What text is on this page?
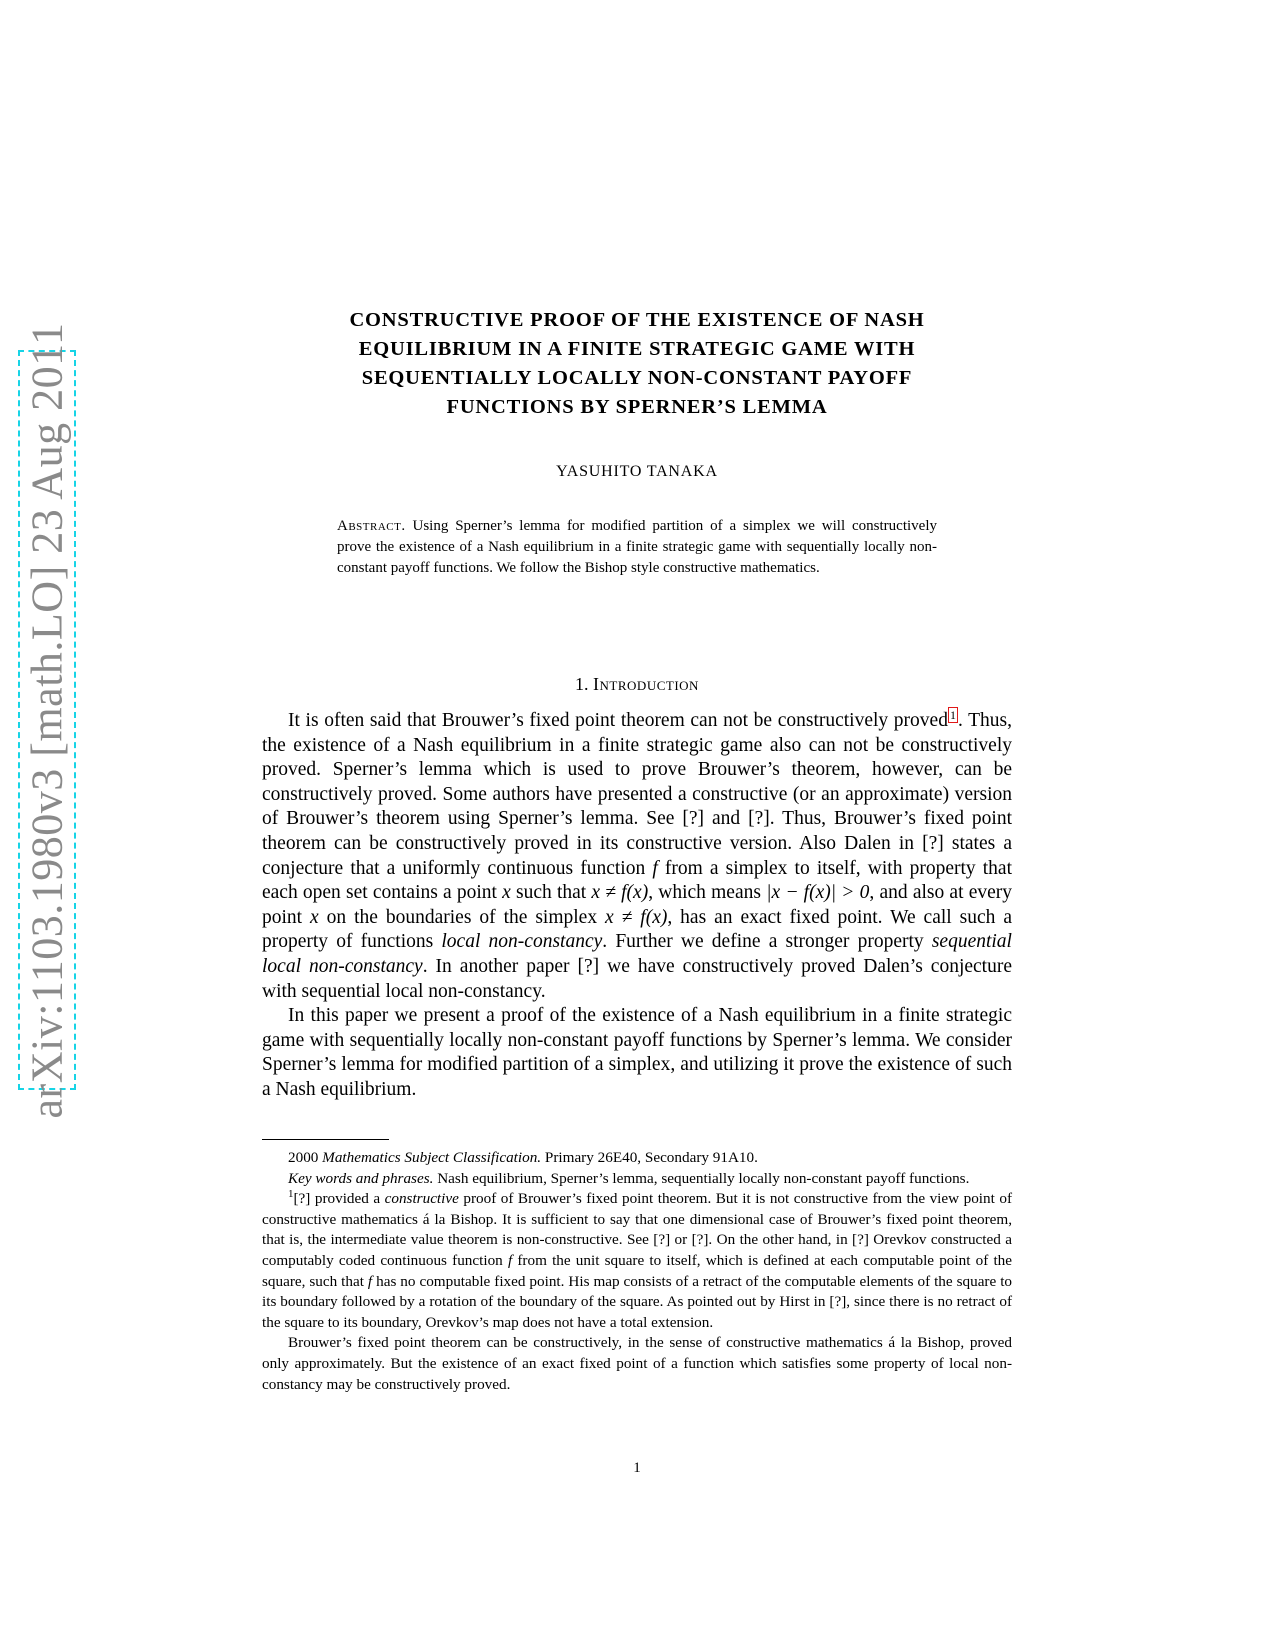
arXiv:1103.1980v3 [math.LO] 23 Aug 2011
CONSTRUCTIVE PROOF OF THE EXISTENCE OF NASH
EQUILIBRIUM IN A FINITE STRATEGIC GAME WITH
SEQUENTIALLY LOCALLY NON-CONSTANT PAYOFF
FUNCTIONS BY SPERNER’S LEMMA
YASUHITO TANAKA
Abstract. Using Sperner’s lemma for modified partition of a simplex we will constructively prove the existence of a Nash equilibrium in a finite strategic game with sequentially locally non-constant payoff functions. We follow the Bishop style constructive mathematics.
1. Introduction

It is often said that Brouwer’s fixed point theorem can not be constructively proved $^1$ . Thus, the existence of a Nash equilibrium in a finite strategic game also can not be constructively proved. Sperner’s lemma which is used to prove Brouwer’s theorem, however, can be constructively proved. Some authors have presented a constructive (or an approximate) version of Brouwer’s theorem using Sperner’s lemma. See [?] and [?]. Thus, Brouwer’s fixed point theorem can be constructively proved in its constructive version. Also Dalen in [?] states a conjecture that a uniformly continuous function f from a simplex to itself, with property that each open set contains a point x such that x ≠ f(x), which means |x − f(x)| > 0, and also at every point x on the boundaries of the simplex x ≠ f(x), has an exact fixed point. We call such a property of functions local non-constancy. Further we define a stronger property sequential local non-constancy. In another paper [?] we have constructively proved Dalen’s conjecture with sequential local non-constancy.

In this paper we present a proof of the existence of a Nash equilibrium in a finite strategic game with sequentially locally non-constant payoff functions by Sperner’s lemma. We consider Sperner’s lemma for modified partition of a simplex, and utilizing it prove the existence of such a Nash equilibrium.

2000 Mathematics Subject Classification. Primary 26E40, Secondary 91A10.

Key words and phrases. Nash equilibrium, Sperner’s lemma, sequentially locally non-constant payoff functions.

$^1$[?] provided a constructive proof of Brouwer’s fixed point theorem. But it is not constructive from the view point of constructive mathematics á la Bishop. It is sufficient to say that one dimensional case of Brouwer’s fixed point theorem, that is, the intermediate value theorem is non-constructive. See [?] or [?]. On the other hand, in [?] Orevkov constructed a computably coded continuous function f from the unit square to itself, which is defined at each computable point of the square, such that f has no computable fixed point. His map consists of a retract of the computable elements of the square to its boundary followed by a rotation of the boundary of the square. As pointed out by Hirst in [?], since there is no retract of the square to its boundary, Orevkov’s map does not have a total extension.

Brouwer’s fixed point theorem can be constructively, in the sense of constructive mathematics á la Bishop, proved only approximately. But the existence of an exact fixed point of a function which satisfies some property of local non-constancy may be constructively proved.

1
